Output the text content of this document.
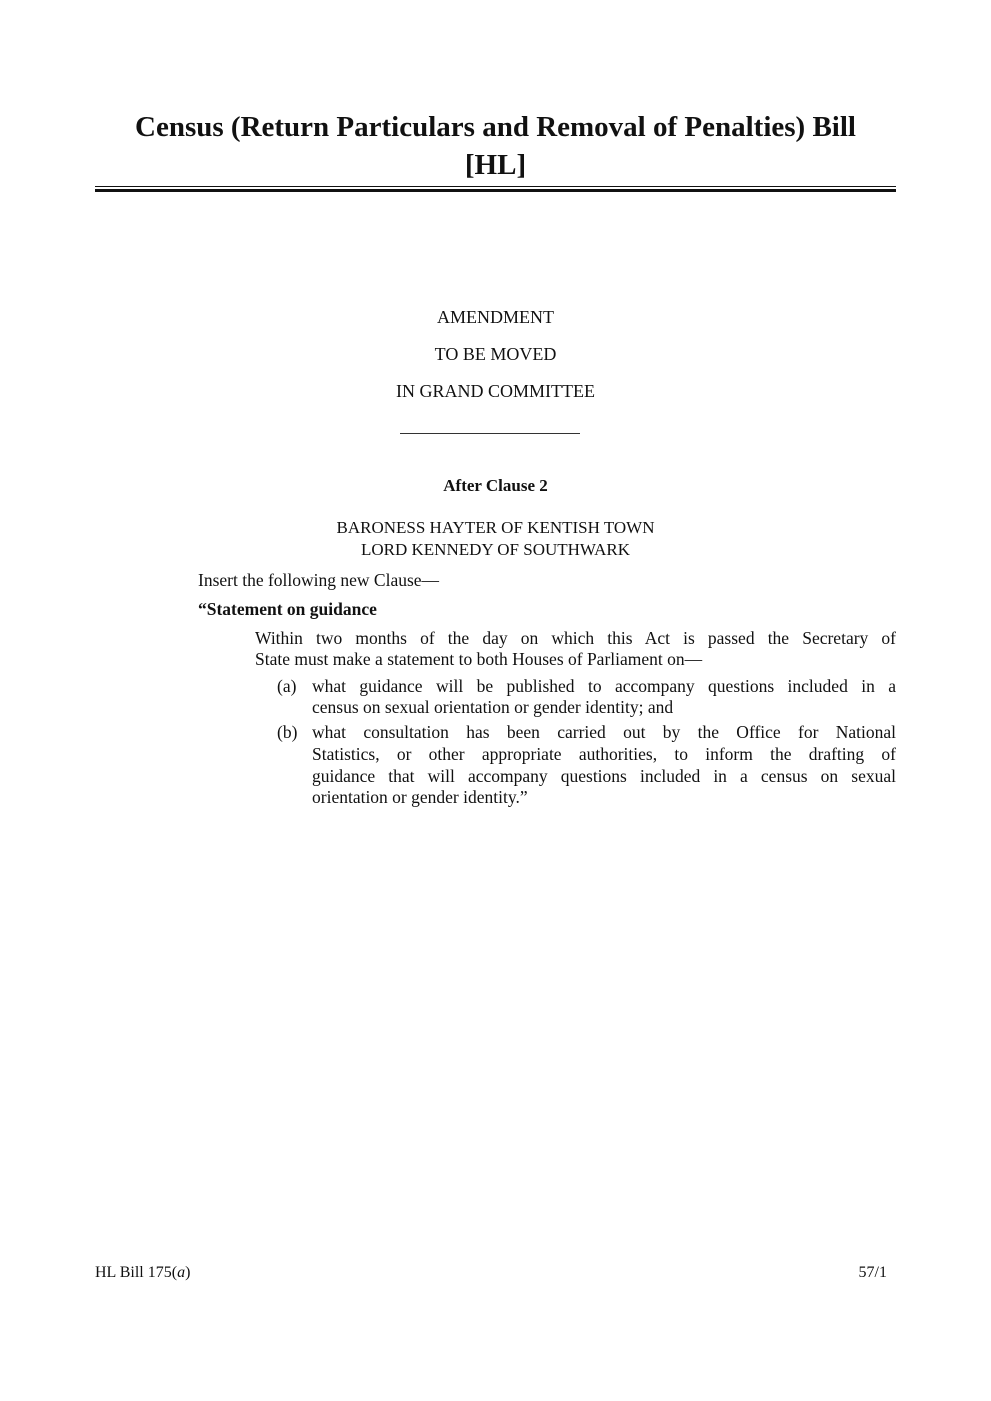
Census (Return Particulars and Removal of Penalties) Bill
[HL]
AMENDMENT
TO BE MOVED
IN GRAND COMMITTEE
After Clause 2
BARONESS HAYTER OF KENTISH TOWN
LORD KENNEDY OF SOUTHWARK
Insert the following new Clause—
“Statement on guidance
Within two months of the day on which this Act is passed the Secretary of
State must make a statement to both Houses of Parliament on—
(a) what guidance will be published to accompany questions included in a
census on sexual orientation or gender identity; and
(b) what consultation has been carried out by the Office for National
Statistics, or other appropriate authorities, to inform the drafting of
guidance that will accompany questions included in a census on sexual
orientation or gender identity.”
HL Bill 175(a)	57/1
